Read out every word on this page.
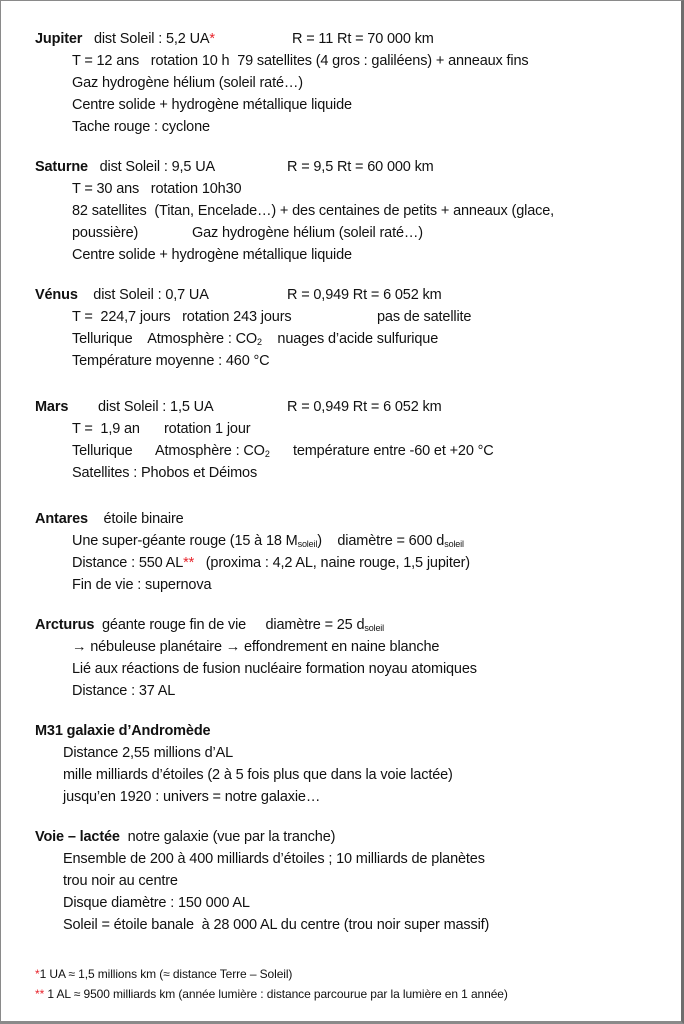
Jupiter dist Soleil : 5,2 UA*	R = 11 Rt = 70 000 km
T = 12 ans   rotation 10 h  79 satellites (4 gros : galiléens) + anneaux fins
Gaz hydrogène hélium (soleil raté…)
Centre solide + hydrogène métallique liquide
Tache rouge : cyclone
Saturne dist Soleil : 9,5 UA	R = 9,5 Rt = 60 000 km
T = 30 ans   rotation 10h30
82 satellites  (Titan, Encelade…) + des centaines de petits + anneaux (glace,
poussière)	Gaz hydrogène hélium (soleil raté…)
Centre solide + hydrogène métallique liquide
Vénus dist Soleil : 0,7 UA	R = 0,949 Rt = 6 052 km
T =  224,7 jours   rotation 243 jours	pas de satellite
Tellurique    Atmosphère : $CO_2$ nuages d’acide sulfurique
Température moyenne : 460 °C
Mars dist Soleil : 1,5 UA	R = 0,949 Rt = 6 052 km
T =  1,9 an rotation 1 jour
Tellurique      Atmosphère : $CO_2$ température entre -60 et +20 °C
Satellites : Phobos et Déimos
Antares étoile binaire
Une super-géante rouge (15 à 18 $M_{soleil}$)    diamètre = 600 $d_{soleil}$
Distance : 550 AL**   (proxima : 4,2 AL, naine rouge, 1,5 jupiter)
Fin de vie : supernova
Arcturus géante rouge fin de vie     diamètre = 25 $d_{soleil}$
→ nébuleuse planétaire → effondrement en naine blanche
Lié aux réactions de fusion nucléaire formation noyau atomiques
Distance : 37 AL
M31 galaxie d’Andromède
Distance 2,55 millions d’AL
mille milliards d’étoiles (2 à 5 fois plus que dans la voie lactée)
jusqu’en 1920 : univers = notre galaxie…
Voie – lactée notre galaxie (vue par la tranche)
Ensemble de 200 à 400 milliards d’étoiles ; 10 milliards de planètes
trou noir au centre
Disque diamètre : 150 000 AL
Soleil = étoile banale  à 28 000 AL du centre (trou noir super massif)
*1 UA ≈ 1,5 millions km (≈ distance Terre – Soleil)
** 1 AL ≈ 9500 milliards km (année lumière : distance parcourue par la lumière en 1 année)
